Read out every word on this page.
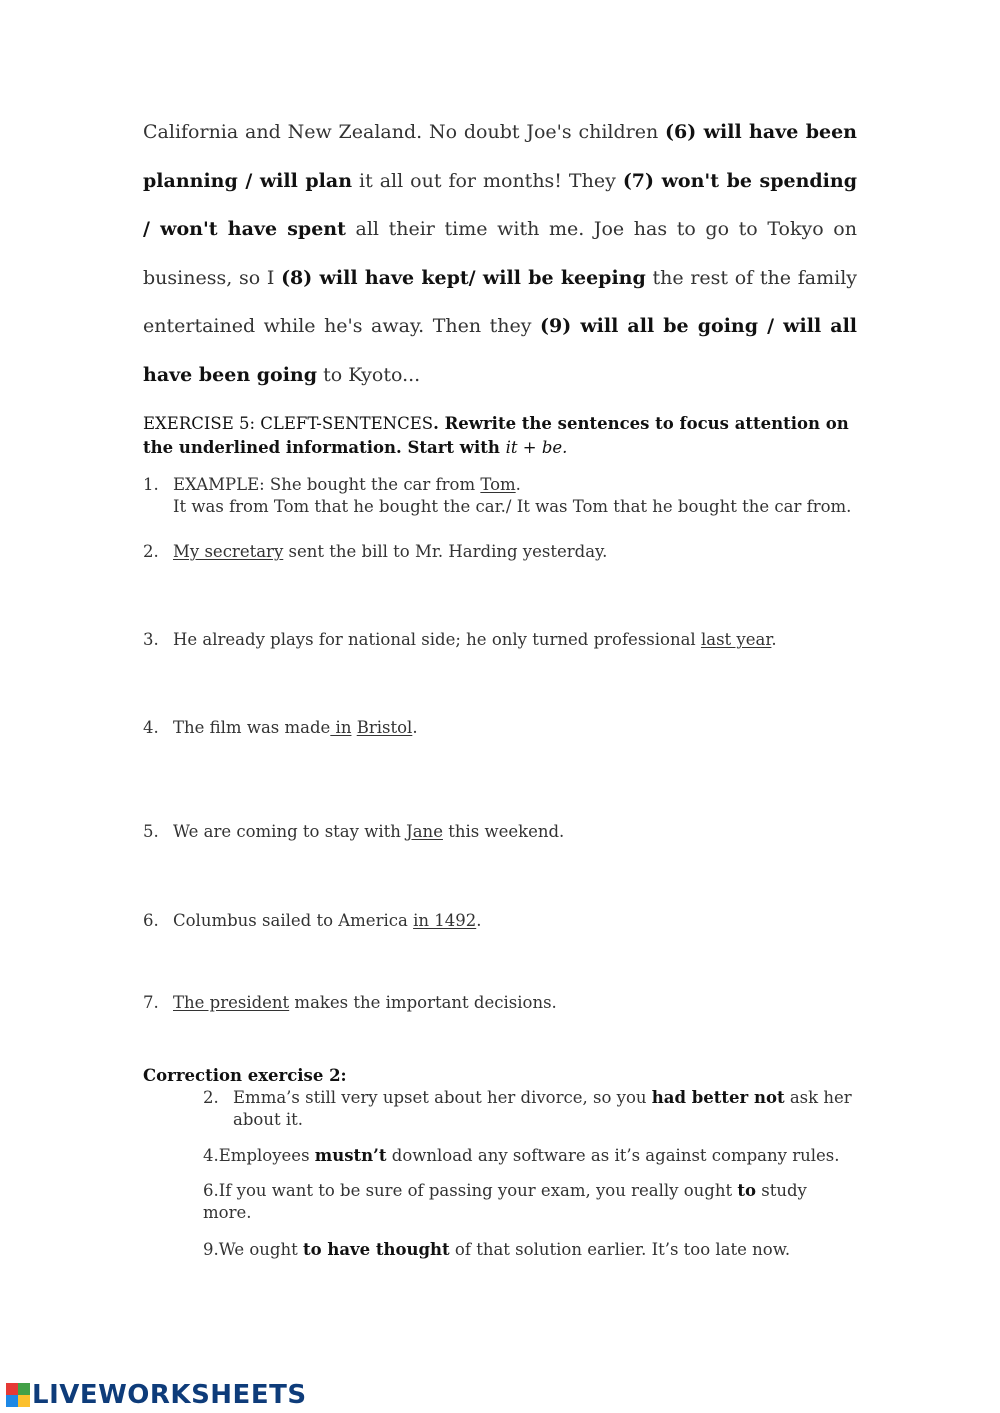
California and New Zealand. No doubt Joe's children (6) will have been planning / will plan it all out for months! They (7) won't be spending / won't have spent all their time with me. Joe has to go to Tokyo on business, so I (8) will have kept/ will be keeping the rest of the family entertained while he's away. Then they (9) will all be going / will all have been going to Kyoto...
EXERCISE 5: CLEFT-SENTENCES. Rewrite the sentences to focus attention on the underlined information. Start with it + be.
1. EXAMPLE: She bought the car from Tom.
It was from Tom that he bought the car./ It was Tom that he bought the car from.
2. My secretary sent the bill to Mr. Harding yesterday.
3. He already plays for national side; he only turned professional last year.
4. The film was made in Bristol.
5. We are coming to stay with Jane this weekend.
6. Columbus sailed to America in 1492.
7. The president makes the important decisions.
Correction exercise 2:
2. Emma’s still very upset about her divorce, so you had better not ask her about it.
4.Employees mustn’t download any software as it’s against company rules.
6.If you want to be sure of passing your exam, you really ought to study more.
9.We ought to have thought of that solution earlier. It’s too late now.
LIVEWORKSHEETS
